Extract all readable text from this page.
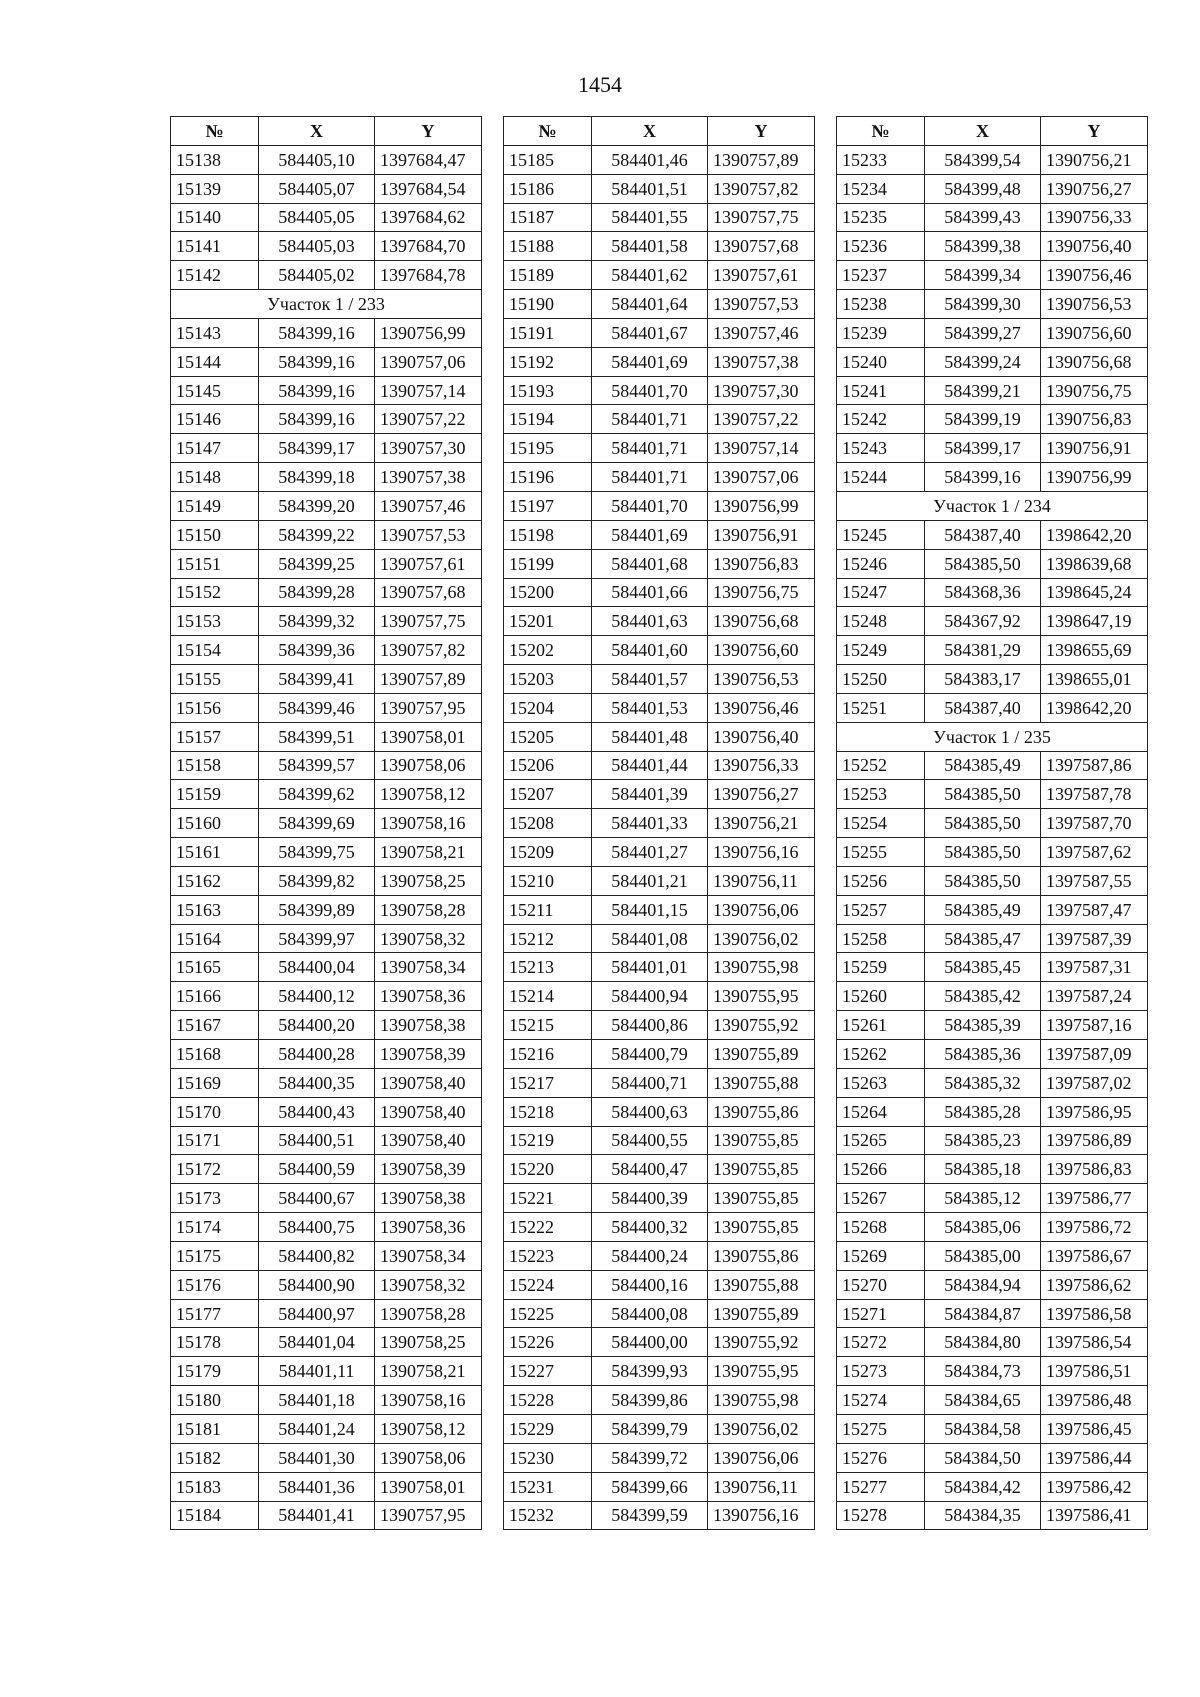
1454
№	X	Y
15138	584405,10	1397684,47
15139	584405,07	1397684,54
15140	584405,05	1397684,62
15141	584405,03	1397684,70
15142	584405,02	1397684,78
Участок 1 / 233		
15143	584399,16	1390756,99
15144	584399,16	1390757,06
15145	584399,16	1390757,14
15146	584399,16	1390757,22
15147	584399,17	1390757,30
15148	584399,18	1390757,38
15149	584399,20	1390757,46
15150	584399,22	1390757,53
15151	584399,25	1390757,61
15152	584399,28	1390757,68
15153	584399,32	1390757,75
15154	584399,36	1390757,82
15155	584399,41	1390757,89
15156	584399,46	1390757,95
15157	584399,51	1390758,01
15158	584399,57	1390758,06
15159	584399,62	1390758,12
15160	584399,69	1390758,16
15161	584399,75	1390758,21
15162	584399,82	1390758,25
15163	584399,89	1390758,28
15164	584399,97	1390758,32
15165	584400,04	1390758,34
15166	584400,12	1390758,36
15167	584400,20	1390758,38
15168	584400,28	1390758,39
15169	584400,35	1390758,40
15170	584400,43	1390758,40
15171	584400,51	1390758,40
15172	584400,59	1390758,39
15173	584400,67	1390758,38
15174	584400,75	1390758,36
15175	584400,82	1390758,34
15176	584400,90	1390758,32
15177	584400,97	1390758,28
15178	584401,04	1390758,25
15179	584401,11	1390758,21
15180	584401,18	1390758,16
15181	584401,24	1390758,12
15182	584401,30	1390758,06
15183	584401,36	1390758,01
15184	584401,41	1390757,95
№	X	Y
15185	584401,46	1390757,89
15186	584401,51	1390757,82
15187	584401,55	1390757,75
15188	584401,58	1390757,68
15189	584401,62	1390757,61
15190	584401,64	1390757,53
15191	584401,67	1390757,46
15192	584401,69	1390757,38
15193	584401,70	1390757,30
15194	584401,71	1390757,22
15195	584401,71	1390757,14
15196	584401,71	1390757,06
15197	584401,70	1390756,99
15198	584401,69	1390756,91
15199	584401,68	1390756,83
15200	584401,66	1390756,75
15201	584401,63	1390756,68
15202	584401,60	1390756,60
15203	584401,57	1390756,53
15204	584401,53	1390756,46
15205	584401,48	1390756,40
15206	584401,44	1390756,33
15207	584401,39	1390756,27
15208	584401,33	1390756,21
15209	584401,27	1390756,16
15210	584401,21	1390756,11
15211	584401,15	1390756,06
15212	584401,08	1390756,02
15213	584401,01	1390755,98
15214	584400,94	1390755,95
15215	584400,86	1390755,92
15216	584400,79	1390755,89
15217	584400,71	1390755,88
15218	584400,63	1390755,86
15219	584400,55	1390755,85
15220	584400,47	1390755,85
15221	584400,39	1390755,85
15222	584400,32	1390755,85
15223	584400,24	1390755,86
15224	584400,16	1390755,88
15225	584400,08	1390755,89
15226	584400,00	1390755,92
15227	584399,93	1390755,95
15228	584399,86	1390755,98
15229	584399,79	1390756,02
15230	584399,72	1390756,06
15231	584399,66	1390756,11
15232	584399,59	1390756,16
№	X	Y
15233	584399,54	1390756,21
15234	584399,48	1390756,27
15235	584399,43	1390756,33
15236	584399,38	1390756,40
15237	584399,34	1390756,46
15238	584399,30	1390756,53
15239	584399,27	1390756,60
15240	584399,24	1390756,68
15241	584399,21	1390756,75
15242	584399,19	1390756,83
15243	584399,17	1390756,91
15244	584399,16	1390756,99
Участок 1 / 234		
15245	584387,40	1398642,20
15246	584385,50	1398639,68
15247	584368,36	1398645,24
15248	584367,92	1398647,19
15249	584381,29	1398655,69
15250	584383,17	1398655,01
15251	584387,40	1398642,20
Участок 1 / 235		
15252	584385,49	1397587,86
15253	584385,50	1397587,78
15254	584385,50	1397587,70
15255	584385,50	1397587,62
15256	584385,50	1397587,55
15257	584385,49	1397587,47
15258	584385,47	1397587,39
15259	584385,45	1397587,31
15260	584385,42	1397587,24
15261	584385,39	1397587,16
15262	584385,36	1397587,09
15263	584385,32	1397587,02
15264	584385,28	1397586,95
15265	584385,23	1397586,89
15266	584385,18	1397586,83
15267	584385,12	1397586,77
15268	584385,06	1397586,72
15269	584385,00	1397586,67
15270	584384,94	1397586,62
15271	584384,87	1397586,58
15272	584384,80	1397586,54
15273	584384,73	1397586,51
15274	584384,65	1397586,48
15275	584384,58	1397586,45
15276	584384,50	1397586,44
15277	584384,42	1397586,42
15278	584384,35	1397586,41
